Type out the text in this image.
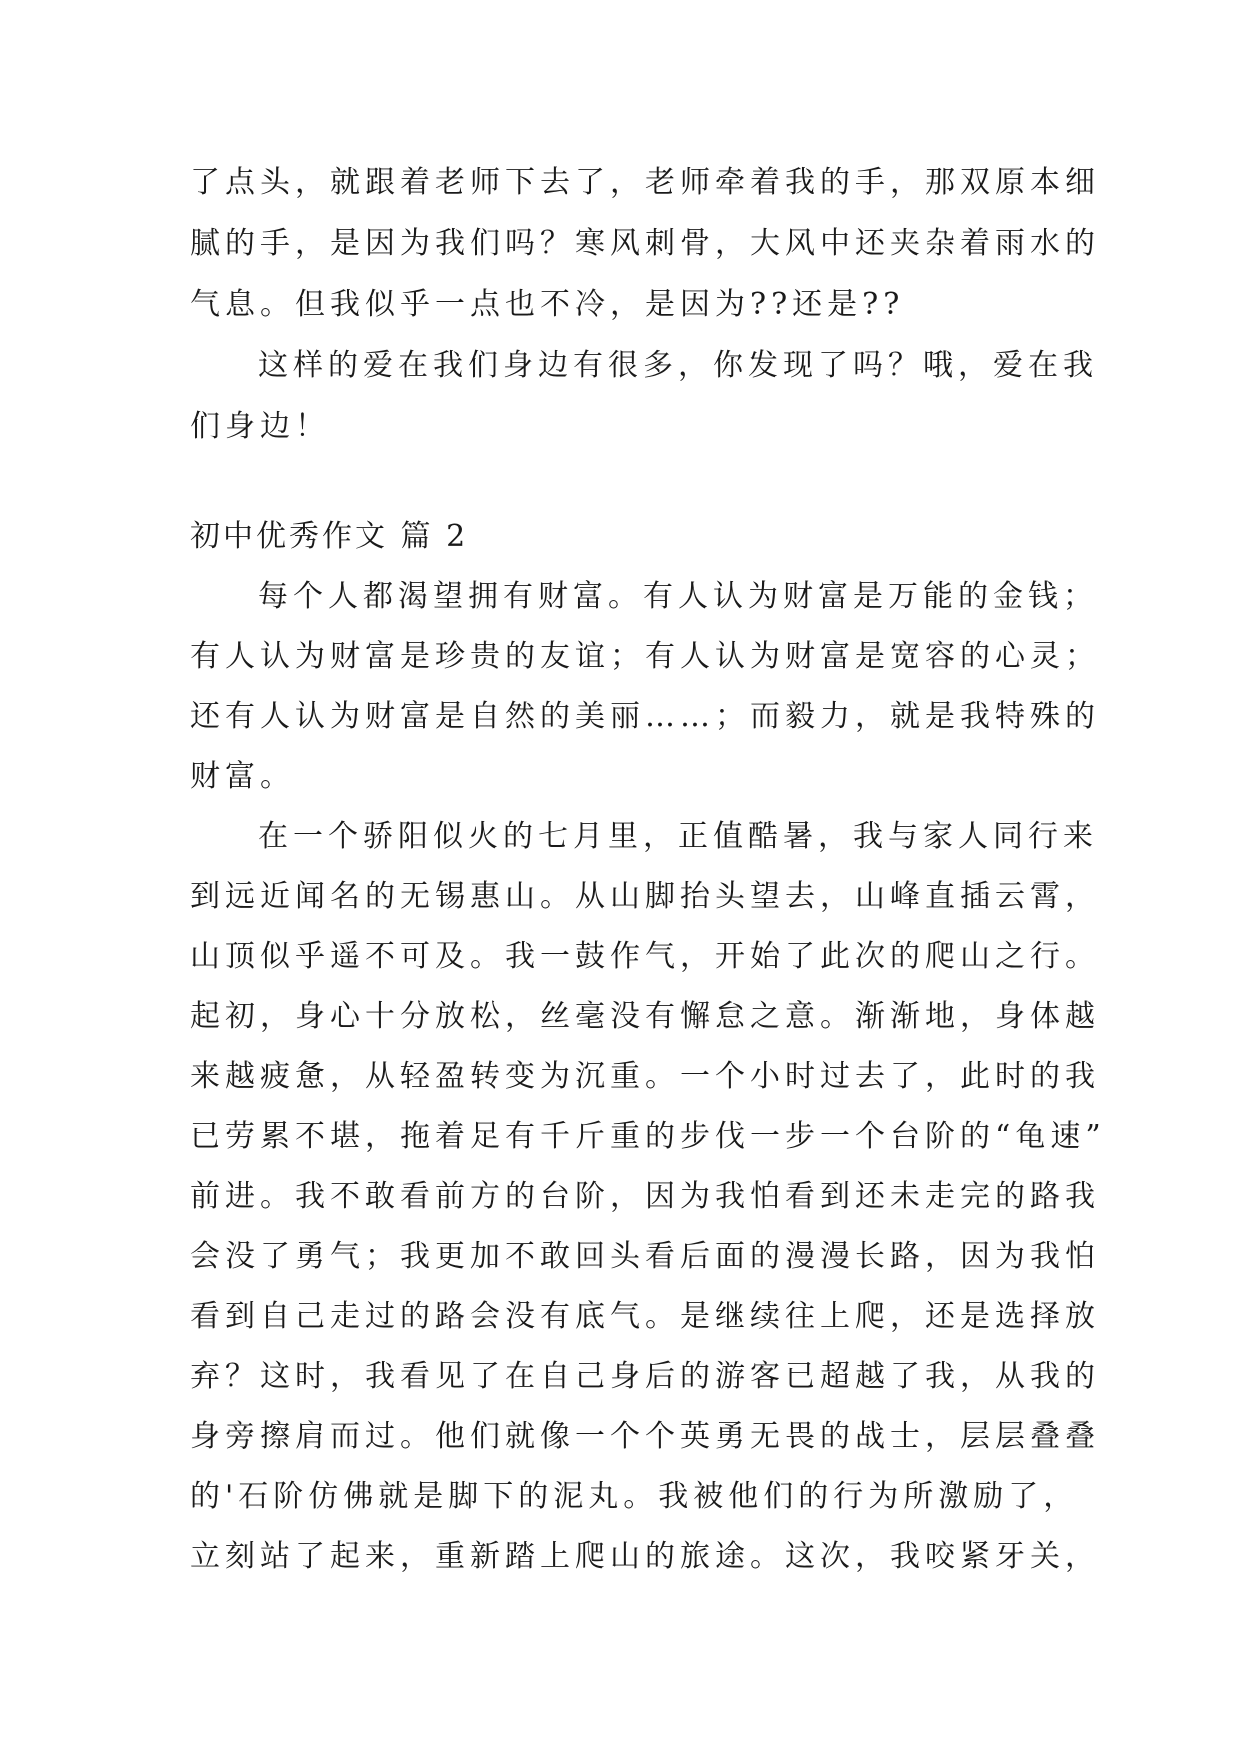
了点头，就跟着老师下去了，老师牵着我的手，那双原本细
腻的手，是因为我们吗？寒风刺骨，大风中还夹杂着雨水的
气息。但我似乎一点也不冷，是因为??还是??
这样的爱在我们身边有很多，你发现了吗？哦，爱在我
们身边！
初中优秀作文 篇 2
每个人都渴望拥有财富。有人认为财富是万能的金钱；
有人认为财富是珍贵的友谊；有人认为财富是宽容的心灵；
还有人认为财富是自然的美丽……；而毅力，就是我特殊的
财富。
在一个骄阳似火的七月里，正值酷暑，我与家人同行来
到远近闻名的无锡惠山。从山脚抬头望去，山峰直插云霄，
山顶似乎遥不可及。我一鼓作气，开始了此次的爬山之行。
起初，身心十分放松，丝毫没有懈怠之意。渐渐地，身体越
来越疲惫，从轻盈转变为沉重。一个小时过去了，此时的我
已劳累不堪，拖着足有千斤重的步伐一步一个台阶的“龟速”
前进。我不敢看前方的台阶，因为我怕看到还未走完的路我
会没了勇气；我更加不敢回头看后面的漫漫长路，因为我怕
看到自己走过的路会没有底气。是继续往上爬，还是选择放
弃？这时，我看见了在自己身后的游客已超越了我，从我的
身旁擦肩而过。他们就像一个个英勇无畏的战士，层层叠叠
的'石阶仿佛就是脚下的泥丸。我被他们的行为所激励了，
立刻站了起来，重新踏上爬山的旅途。这次，我咬紧牙关，
